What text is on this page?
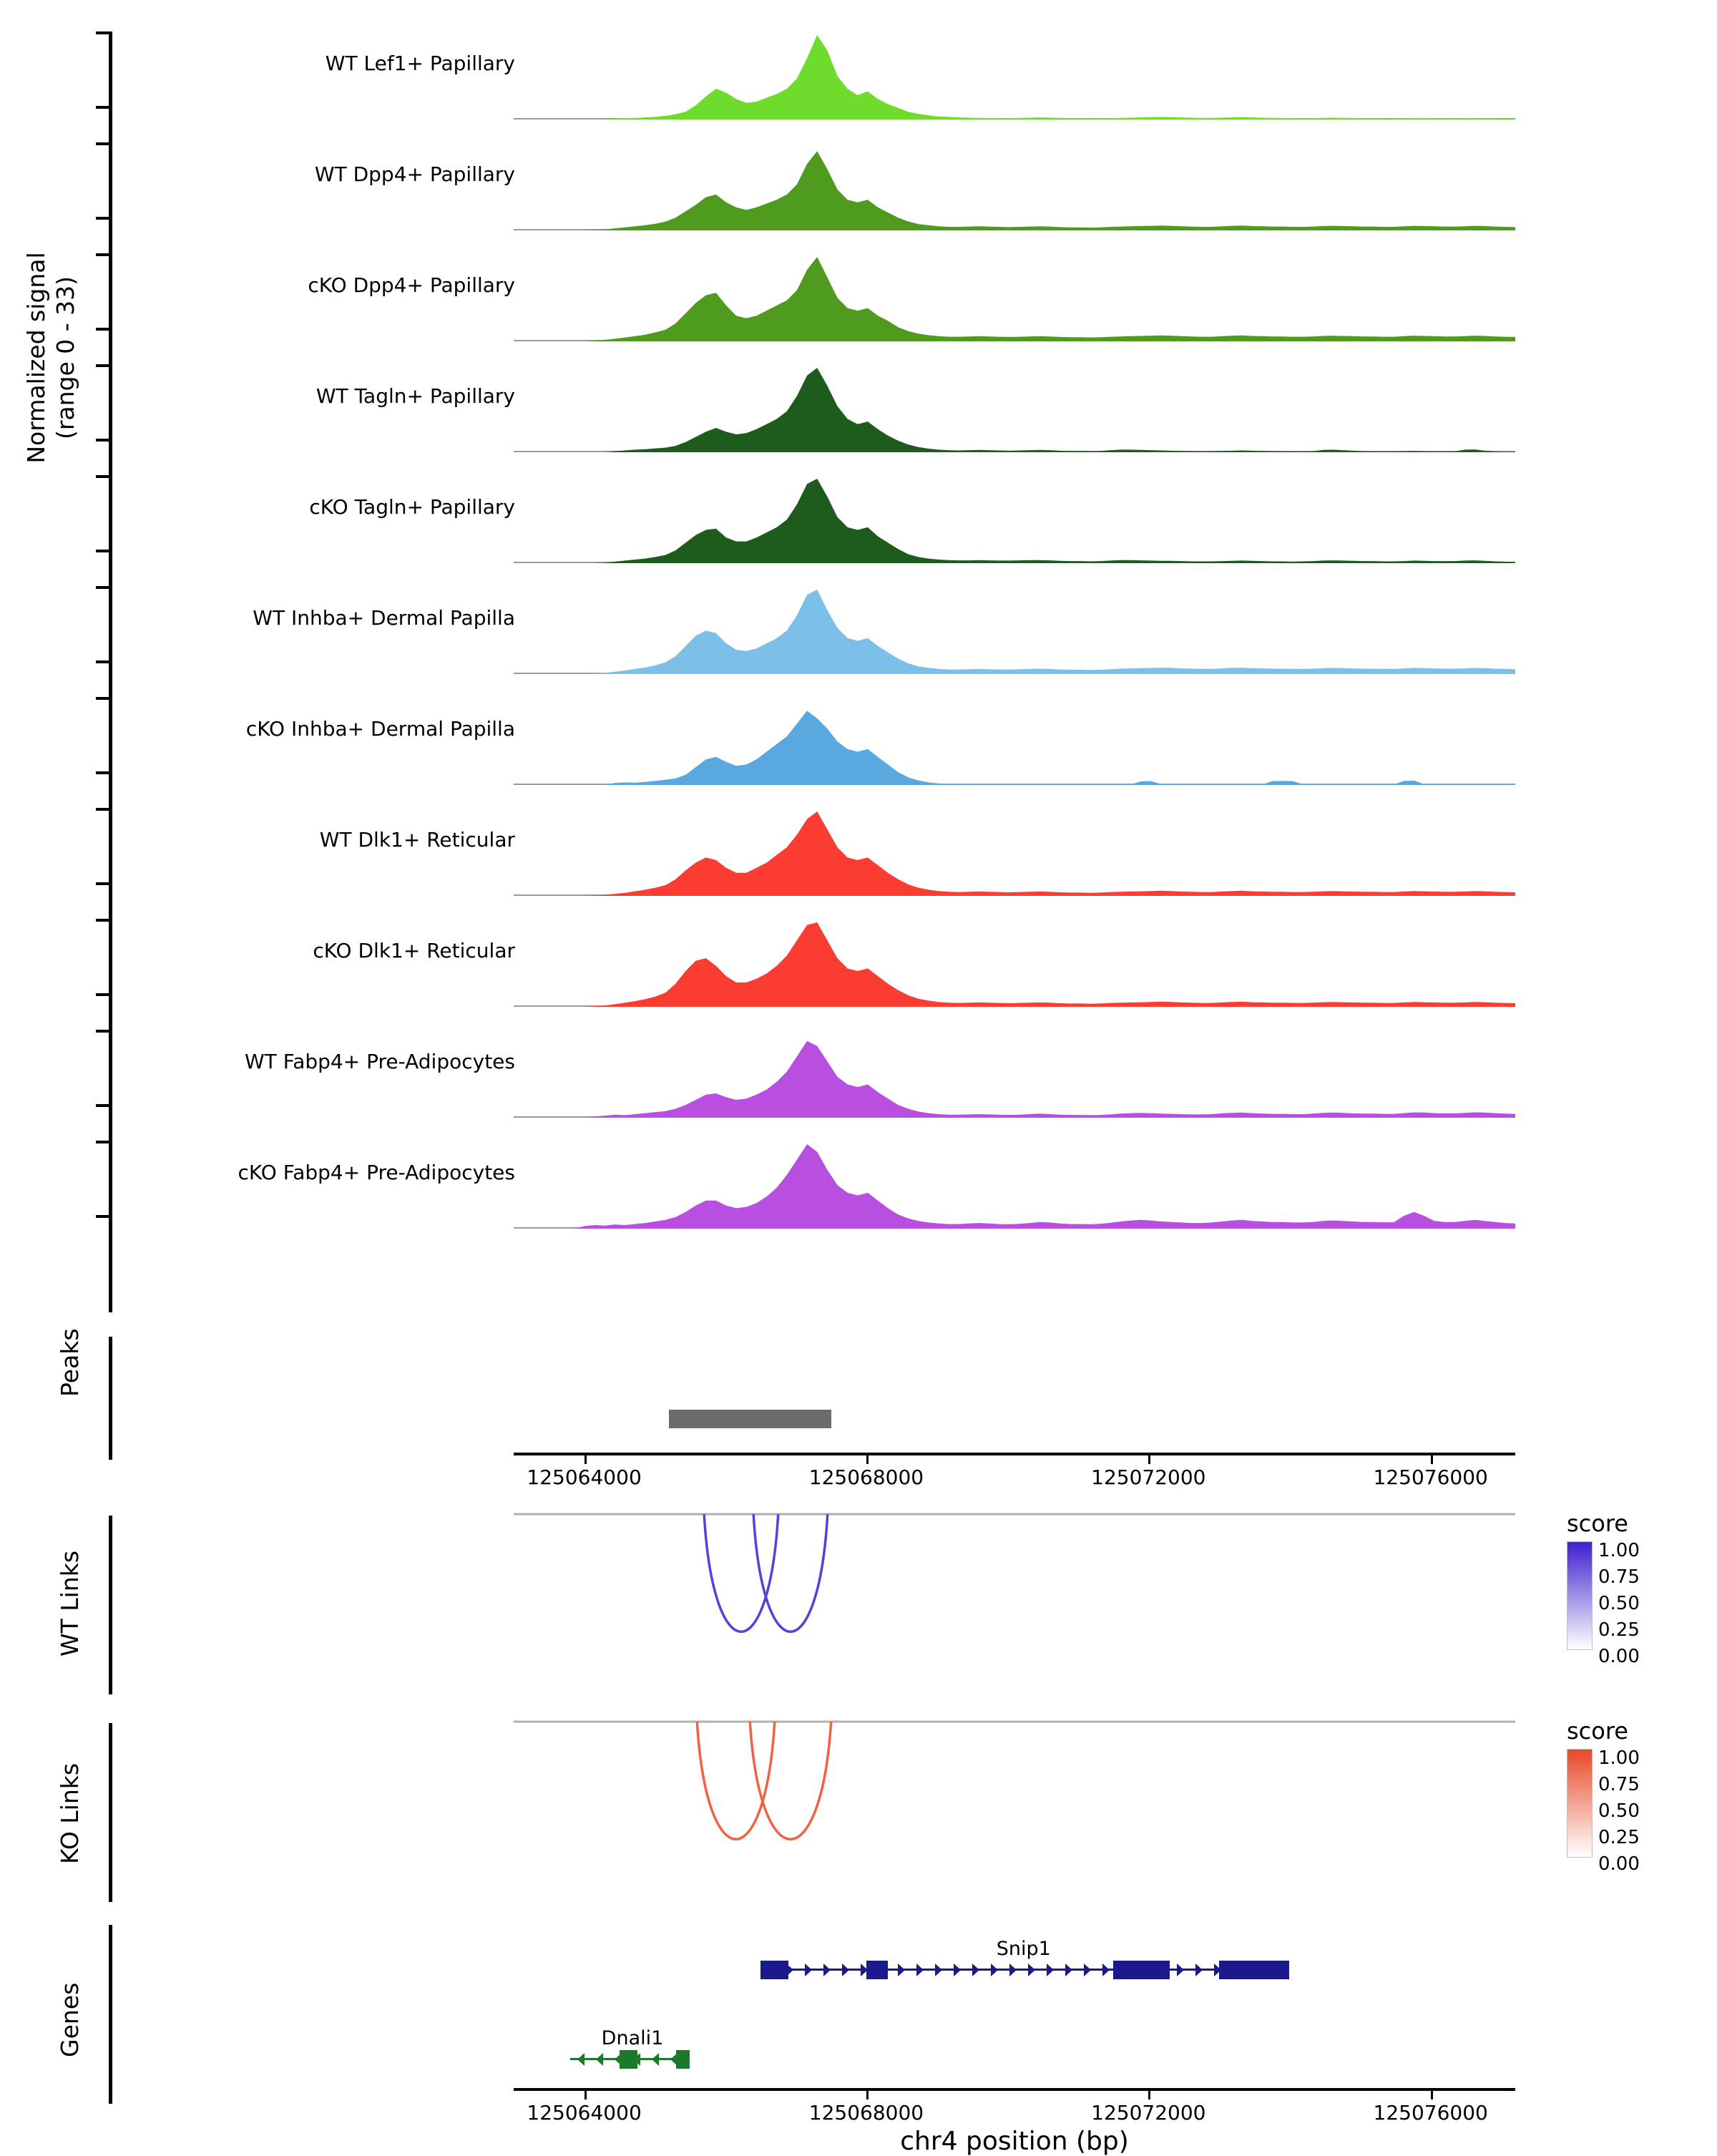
Normalized signal (range 0 - 33)
WT Lef1+ Papillary
WT Dpp4+ Papillary
cKO Dpp4+ Papillary
WT Tagln+ Papillary
cKO Tagln+ Papillary
WT Inhba+ Dermal Papilla
cKO Inhba+ Dermal Papilla
WT Dlk1+ Reticular
cKO Dlk1+ Reticular
WT Fabp4+ Pre-Adipocytes
cKO Fabp4+ Pre-Adipocytes
Peaks
125064000	125068000	125072000	125076000
WT Links
score
1.00
0.75
0.50
0.25
0.00
KO Links
score
1.00
0.75
0.50
0.25
0.00
Genes
Snip1
Dnali1
125064000	125068000	125072000	125076000
chr4 position (bp)
